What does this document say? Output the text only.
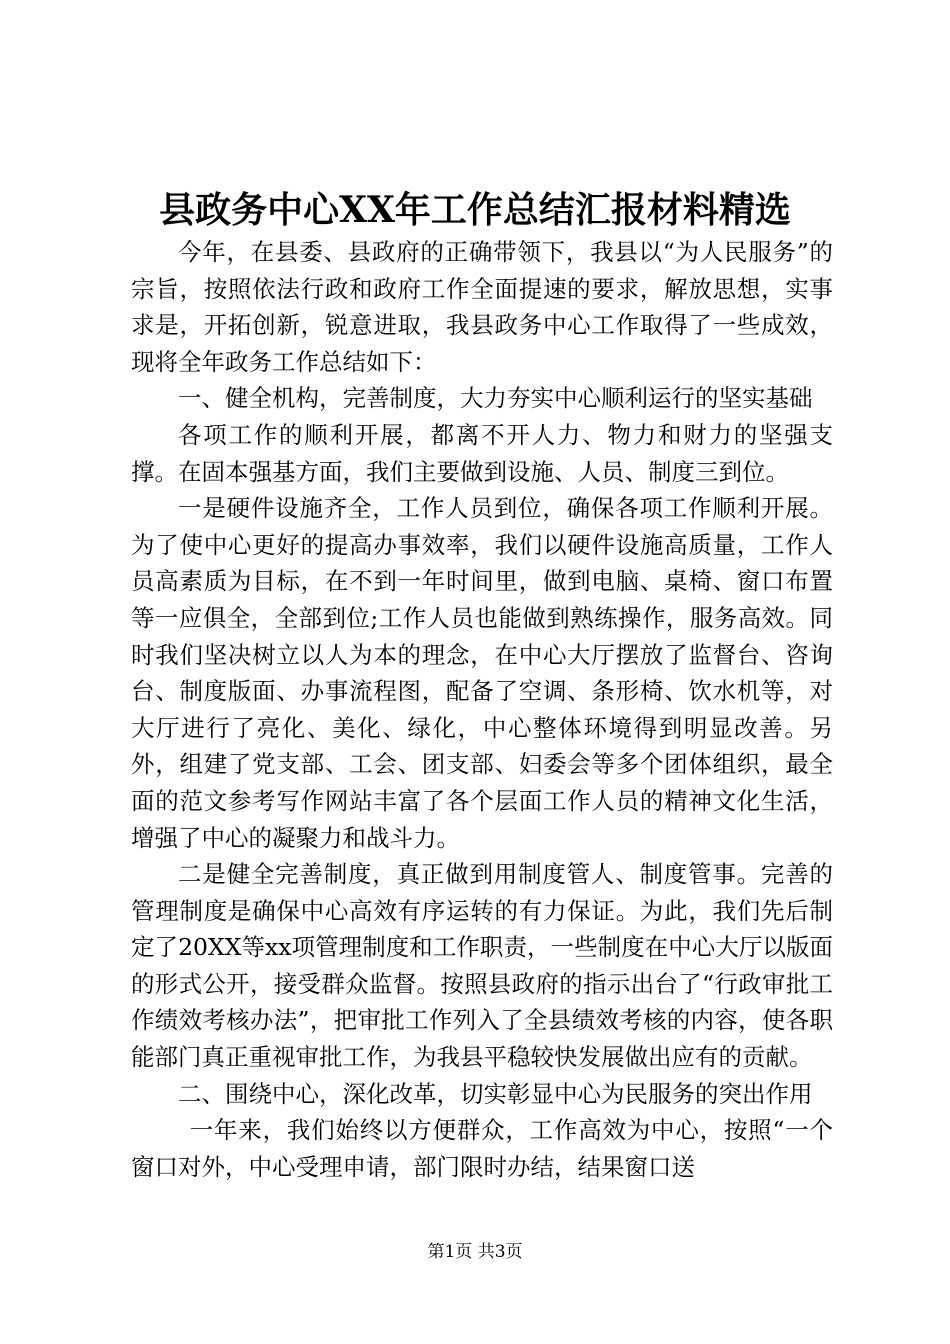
县政务中心XX年工作总结汇报材料精选

今年，在县委、县政府的正确带领下，我县以“为人民服务”的宗旨，按照依法行政和政府工作全面提速的要求，解放思想，实事求是，开拓创新，锐意进取，我县政务中心工作取得了一些成效，现将全年政务工作总结如下：

一、健全机构，完善制度，大力夯实中心顺利运行的坚实基础

各项工作的顺利开展，都离不开人力、物力和财力的坚强支撑。在固本强基方面，我们主要做到设施、人员、制度三到位。

一是硬件设施齐全，工作人员到位，确保各项工作顺利开展。为了使中心更好的提高办事效率，我们以硬件设施高质量，工作人员高素质为目标，在不到一年时间里，做到电脑、桌椅、窗口布置等一应俱全，全部到位;工作人员也能做到熟练操作，服务高效。同时我们坚决树立以人为本的理念，在中心大厅摆放了监督台、咨询台、制度版面、办事流程图，配备了空调、条形椅、饮水机等，对大厅进行了亮化、美化、绿化，中心整体环境得到明显改善。另外，组建了党支部、工会、团支部、妇委会等多个团体组织，最全面的范文参考写作网站丰富了各个层面工作人员的精神文化生活，增强了中心的凝聚力和战斗力。

二是健全完善制度，真正做到用制度管人、制度管事。完善的管理制度是确保中心高效有序运转的有力保证。为此，我们先后制定了20XX等xx项管理制度和工作职责，一些制度在中心大厅以版面的形式公开，接受群众监督。按照县政府的指示出台了“行政审批工作绩效考核办法”，把审批工作列入了全县绩效考核的内容，使各职能部门真正重视审批工作，为我县平稳较快发展做出应有的贡献。

二、围绕中心，深化改革，切实彰显中心为民服务的突出作用

一年来，我们始终以方便群众，工作高效为中心，按照“一个窗口对外，中心受理申请，部门限时办结，结果窗口送

第1页 共3页
